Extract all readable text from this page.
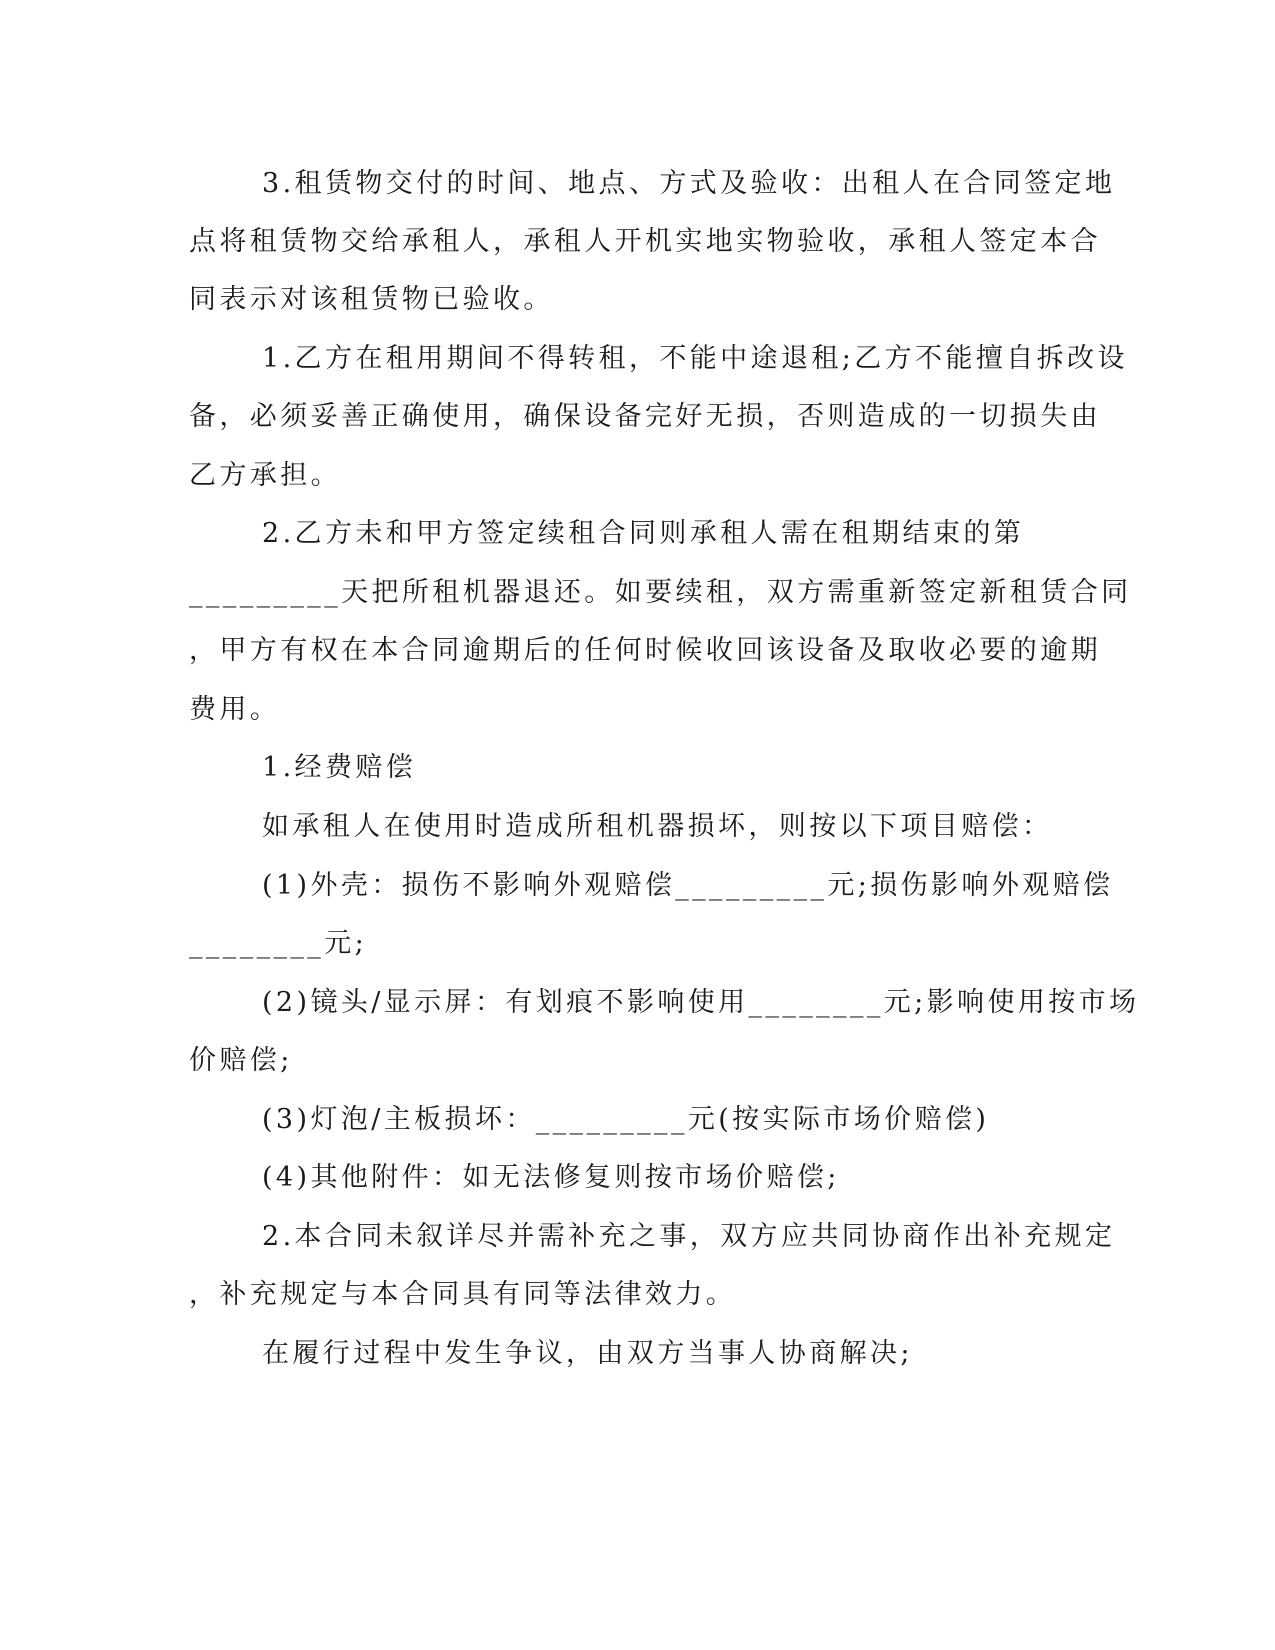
3.租赁物交付的时间、地点、方式及验收：出租人在合同签定地
点将租赁物交给承租人，承租人开机实地实物验收，承租人签定本合
同表示对该租赁物已验收。
1.乙方在租用期间不得转租，不能中途退租;乙方不能擅自拆改设
备，必须妥善正确使用，确保设备完好无损，否则造成的一切损失由
乙方承担。
2.乙方未和甲方签定续租合同则承租人需在租期结束的第
_________天把所租机器退还。如要续租，双方需重新签定新租赁合同
，甲方有权在本合同逾期后的任何时候收回该设备及取收必要的逾期
费用。
1.经费赔偿
如承租人在使用时造成所租机器损坏，则按以下项目赔偿：
(1)外壳：损伤不影响外观赔偿_________元;损伤影响外观赔偿
________元;
(2)镜头/显示屏：有划痕不影响使用________元;影响使用按市场
价赔偿;
(3)灯泡/主板损坏：_________元(按实际市场价赔偿)
(4)其他附件：如无法修复则按市场价赔偿;
2.本合同未叙详尽并需补充之事，双方应共同协商作出补充规定
，补充规定与本合同具有同等法律效力。
在履行过程中发生争议，由双方当事人协商解决;
